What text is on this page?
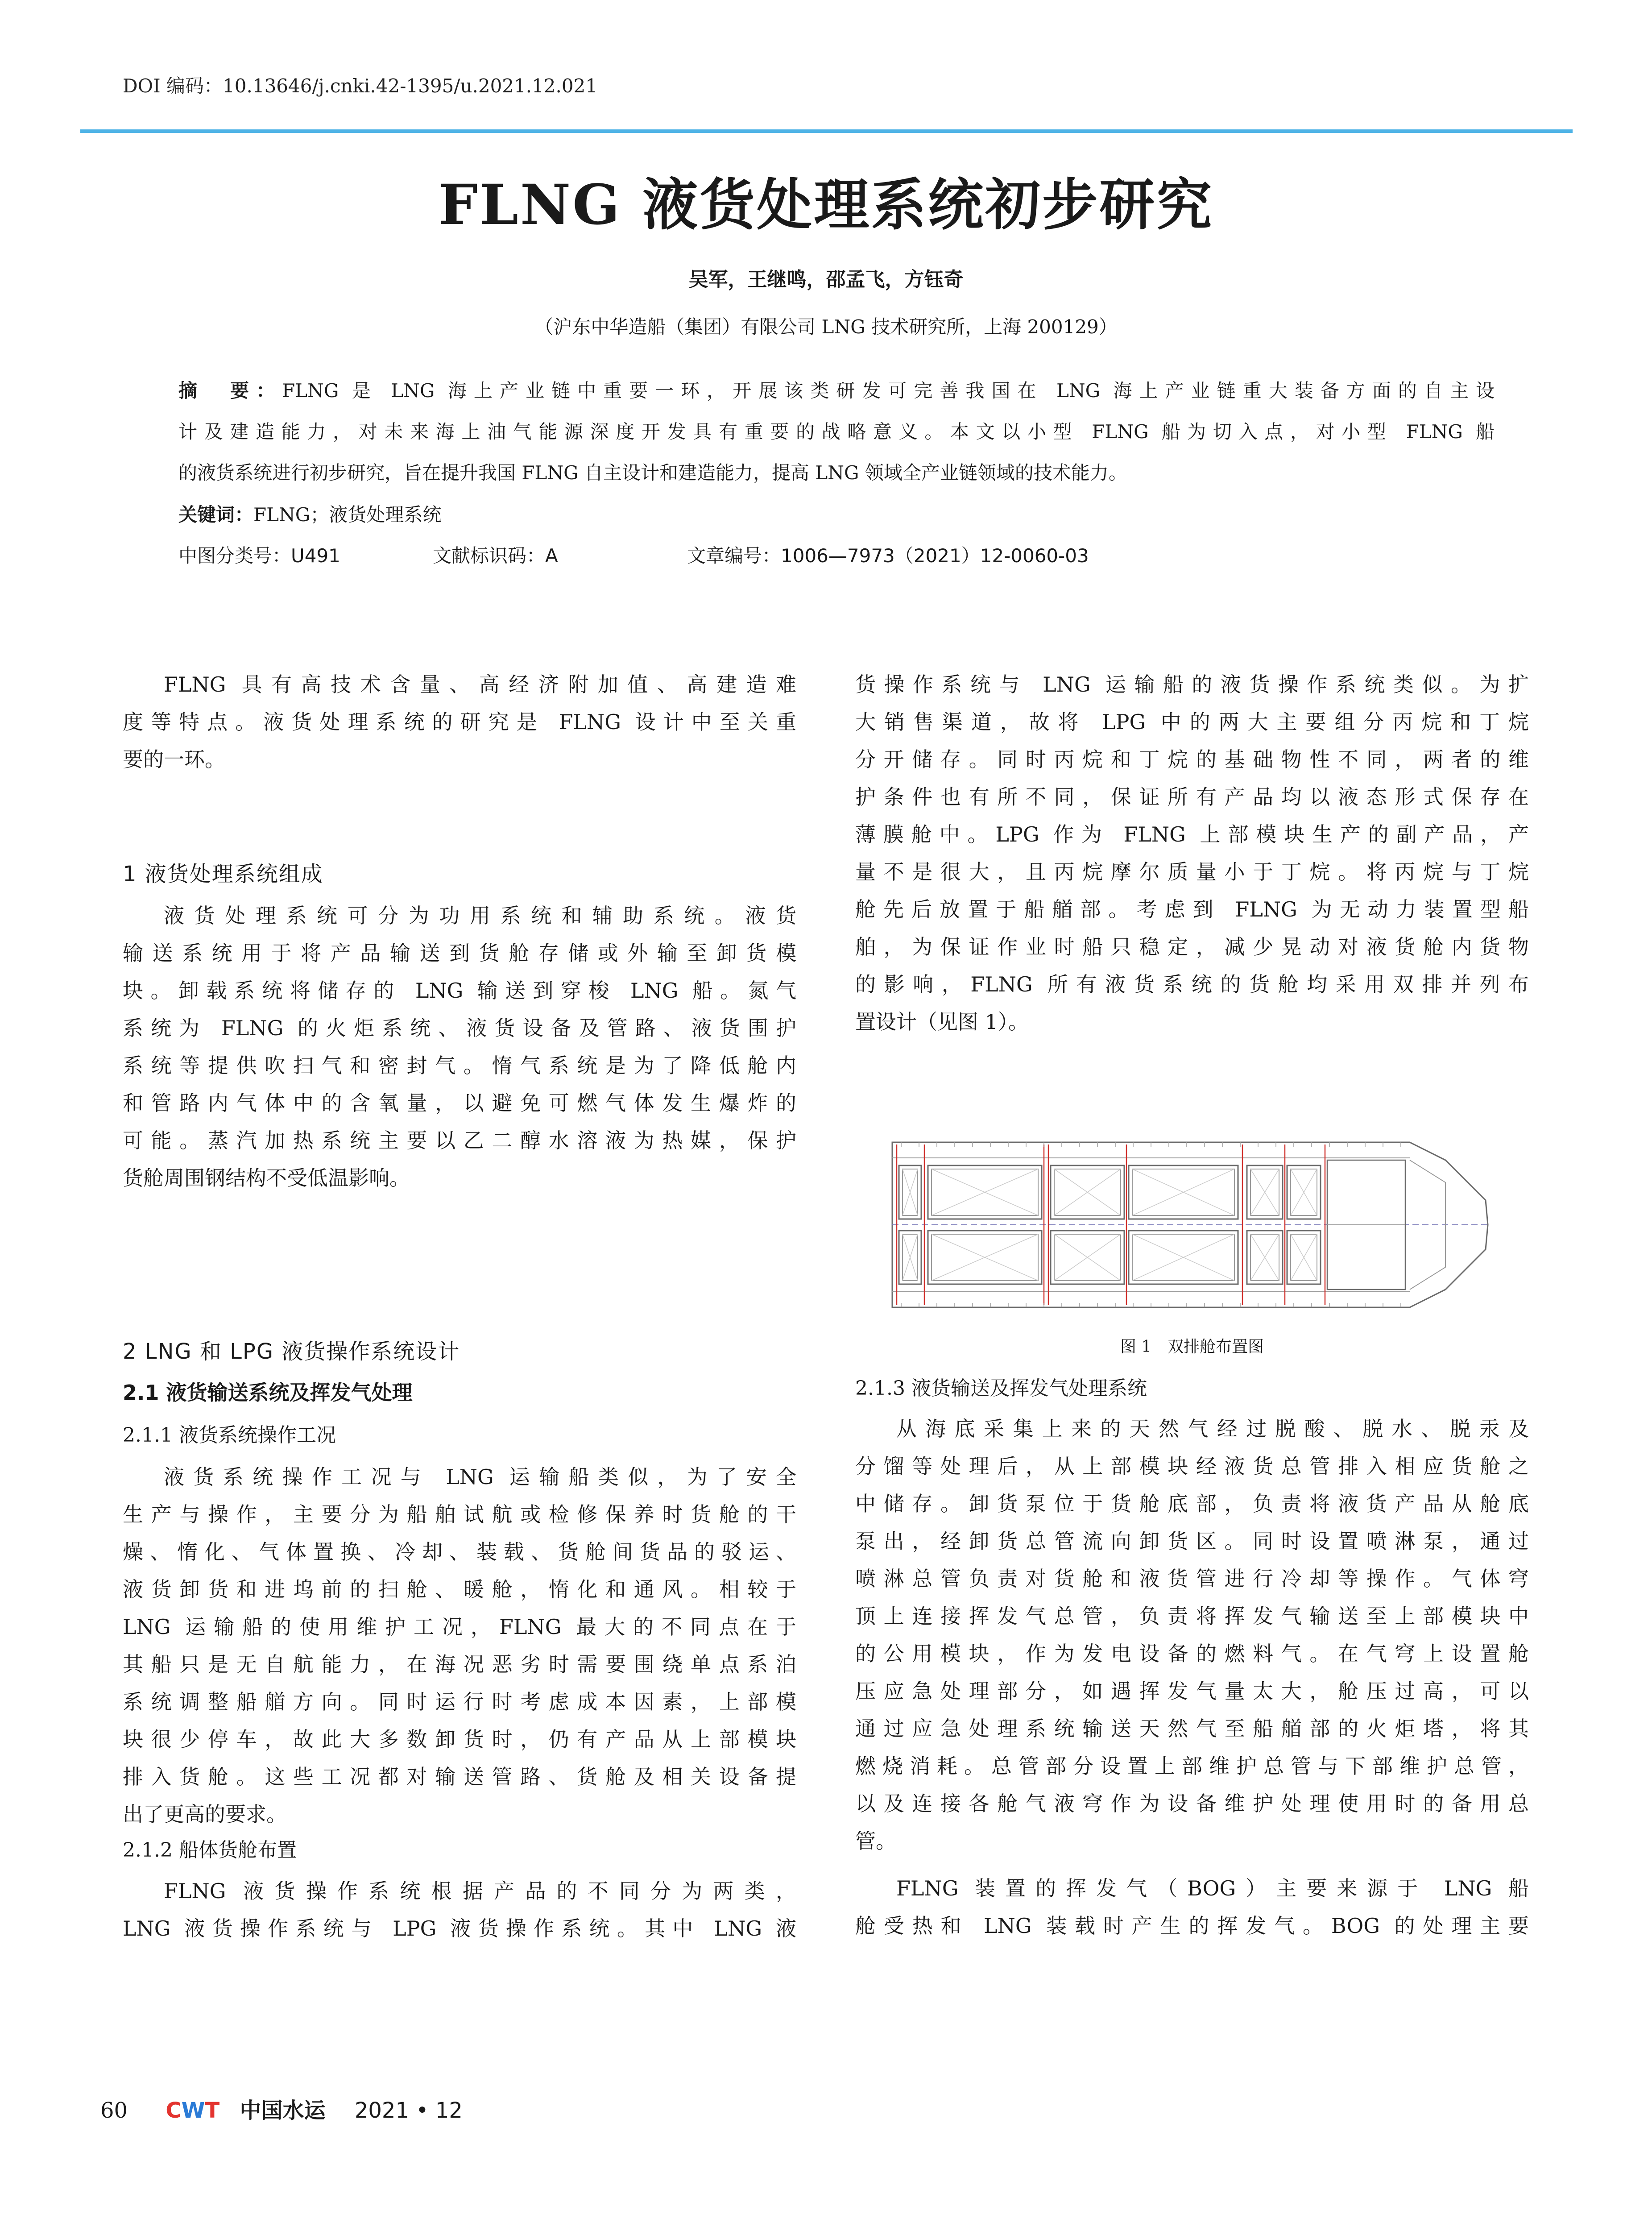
DOI 编码：10.13646/j.cnki.42-1395/u.2021.12.021
FLNG 液货处理系统初步研究
吴军，王继鸣，邵孟飞，方钰奇
（沪东中华造船（集团）有限公司 LNG 技术研究所，上海 200129）
摘　要：FLNG 是 LNG 海上产业链中重要一环，开展该类研发可完善我国在 LNG 海上产业链重大装备方面的自主设
计及建造能力，对未来海上油气能源深度开发具有重要的战略意义。本文以小型 FLNG 船为切入点，对小型 FLNG 船
的液货系统进行初步研究，旨在提升我国 FLNG 自主设计和建造能力，提高 LNG 领域全产业链领域的技术能力。
关键词：FLNG；液货处理系统
中图分类号：U491	文献标识码：A	文章编号：1006—7973（2021）12-0060-03
FLNG 具有高技术含量、高经济附加值、高建造难
度等特点。液货处理系统的研究是 FLNG 设计中至关重
要的一环。
1 液货处理系统组成
液货处理系统可分为功用系统和辅助系统。液货
输送系统用于将产品输送到货舱存储或外输至卸货模
块。卸载系统将储存的 LNG 输送到穿梭 LNG 船。氮气
系统为 FLNG 的火炬系统、液货设备及管路、液货围护
系统等提供吹扫气和密封气。惰气系统是为了降低舱内
和管路内气体中的含氧量，以避免可燃气体发生爆炸的
可能。蒸汽加热系统主要以乙二醇水溶液为热媒，保护
货舱周围钢结构不受低温影响。
2 LNG 和 LPG 液货操作系统设计
2.1 液货输送系统及挥发气处理
2.1.1 液货系统操作工况
液货系统操作工况与 LNG 运输船类似，为了安全
生产与操作，主要分为船舶试航或检修保养时货舱的干
燥、惰化、气体置换、冷却、装载、货舱间货品的驳运、
液货卸货和进坞前的扫舱、暖舱，惰化和通风。相较于
LNG 运输船的使用维护工况，FLNG 最大的不同点在于
其船只是无自航能力，在海况恶劣时需要围绕单点系泊
系统调整船艏方向。同时运行时考虑成本因素，上部模
块很少停车，故此大多数卸货时，仍有产品从上部模块
排入货舱。这些工况都对输送管路、货舱及相关设备提
出了更高的要求。
2.1.2 船体货舱布置
FLNG 液货操作系统根据产品的不同分为两类，
LNG 液货操作系统与 LPG 液货操作系统。其中 LNG 液
货操作系统与 LNG 运输船的液货操作系统类似。为扩
大销售渠道，故将 LPG 中的两大主要组分丙烷和丁烷
分开储存。同时丙烷和丁烷的基础物性不同，两者的维
护条件也有所不同，保证所有产品均以液态形式保存在
薄膜舱中。LPG 作为 FLNG 上部模块生产的副产品，产
量不是很大，且丙烷摩尔质量小于丁烷。将丙烷与丁烷
舱先后放置于船艏部。考虑到 FLNG 为无动力装置型船
舶，为保证作业时船只稳定，减少晃动对液货舱内货物
的影响，FLNG 所有液货系统的货舱均采用双排并列布
置设计（见图 1）。
图 1　双排舱布置图
2.1.3 液货输送及挥发气处理系统
从海底采集上来的天然气经过脱酸、脱水、脱汞及
分馏等处理后，从上部模块经液货总管排入相应货舱之
中储存。卸货泵位于货舱底部，负责将液货产品从舱底
泵出，经卸货总管流向卸货区。同时设置喷淋泵，通过
喷淋总管负责对货舱和液货管进行冷却等操作。气体穹
顶上连接挥发气总管，负责将挥发气输送至上部模块中
的公用模块，作为发电设备的燃料气。在气穹上设置舱
压应急处理部分，如遇挥发气量太大，舱压过高，可以
通过应急处理系统输送天然气至船艏部的火炬塔，将其
燃烧消耗。总管部分设置上部维护总管与下部维护总管，
以及连接各舱气液穹作为设备维护处理使用时的备用总
管。
FLNG 装置的挥发气（BOG）主要来源于 LNG 船
舱受热和 LNG 装载时产生的挥发气。BOG 的处理主要
60 CWT 中国水运 2021 • 12
